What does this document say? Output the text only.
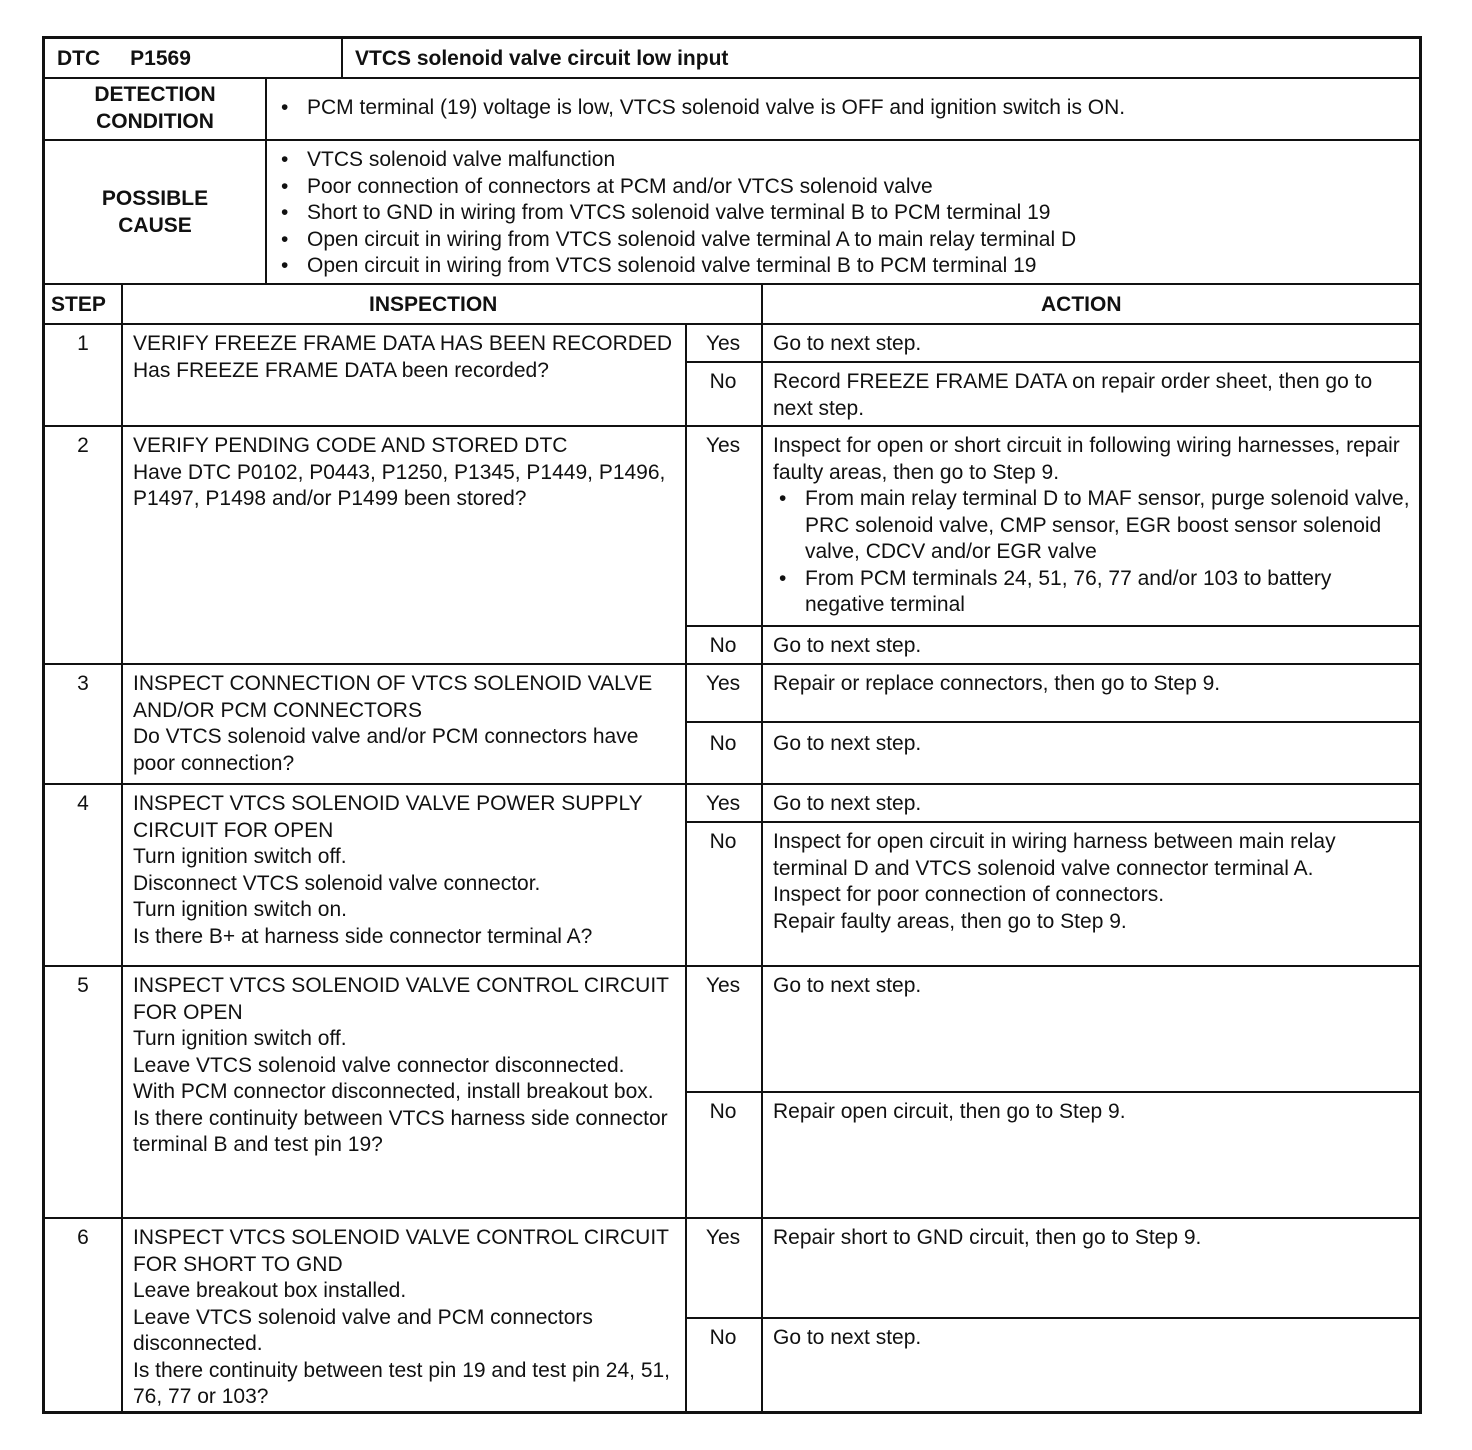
DTC P1569	VTCS solenoid valve circuit low input
DETECTION CONDITION
• PCM terminal (19) voltage is low, VTCS solenoid valve is OFF and ignition switch is ON.
POSSIBLE CAUSE
• VTCS solenoid valve malfunction
• Poor connection of connectors at PCM and/or VTCS solenoid valve
• Short to GND in wiring from VTCS solenoid valve terminal B to PCM terminal 19
• Open circuit in wiring from VTCS solenoid valve terminal A to main relay terminal D
• Open circuit in wiring from VTCS solenoid valve terminal B to PCM terminal 19
STEP	INSPECTION	ACTION
1	VERIFY FREEZE FRAME DATA HAS BEEN RECORDED
Has FREEZE FRAME DATA been recorded?
Yes	Go to next step.
No	Record FREEZE FRAME DATA on repair order sheet, then go to next step.
2	VERIFY PENDING CODE AND STORED DTC
Have DTC P0102, P0443, P1250, P1345, P1449, P1496, P1497, P1498 and/or P1499 been stored?
Yes	Inspect for open or short circuit in following wiring harnesses, repair faulty areas, then go to Step 9.
• From main relay terminal D to MAF sensor, purge solenoid valve, PRC solenoid valve, CMP sensor, EGR boost sensor solenoid valve, CDCV and/or EGR valve
• From PCM terminals 24, 51, 76, 77 and/or 103 to battery negative terminal
No	Go to next step.
3	INSPECT CONNECTION OF VTCS SOLENOID VALVE AND/OR PCM CONNECTORS
Do VTCS solenoid valve and/or PCM connectors have poor connection?
Yes	Repair or replace connectors, then go to Step 9.
No	Go to next step.
4	INSPECT VTCS SOLENOID VALVE POWER SUPPLY CIRCUIT FOR OPEN
Turn ignition switch off.
Disconnect VTCS solenoid valve connector.
Turn ignition switch on.
Is there B+ at harness side connector terminal A?
Yes	Go to next step.
No	Inspect for open circuit in wiring harness between main relay terminal D and VTCS solenoid valve connector terminal A.
Inspect for poor connection of connectors.
Repair faulty areas, then go to Step 9.
5	INSPECT VTCS SOLENOID VALVE CONTROL CIRCUIT FOR OPEN
Turn ignition switch off.
Leave VTCS solenoid valve connector disconnected.
With PCM connector disconnected, install breakout box.
Is there continuity between VTCS harness side connector terminal B and test pin 19?
Yes	Go to next step.
No	Repair open circuit, then go to Step 9.
6	INSPECT VTCS SOLENOID VALVE CONTROL CIRCUIT FOR SHORT TO GND
Leave breakout box installed.
Leave VTCS solenoid valve and PCM connectors disconnected.
Is there continuity between test pin 19 and test pin 24, 51, 76, 77 or 103?
Yes	Repair short to GND circuit, then go to Step 9.
No	Go to next step.
